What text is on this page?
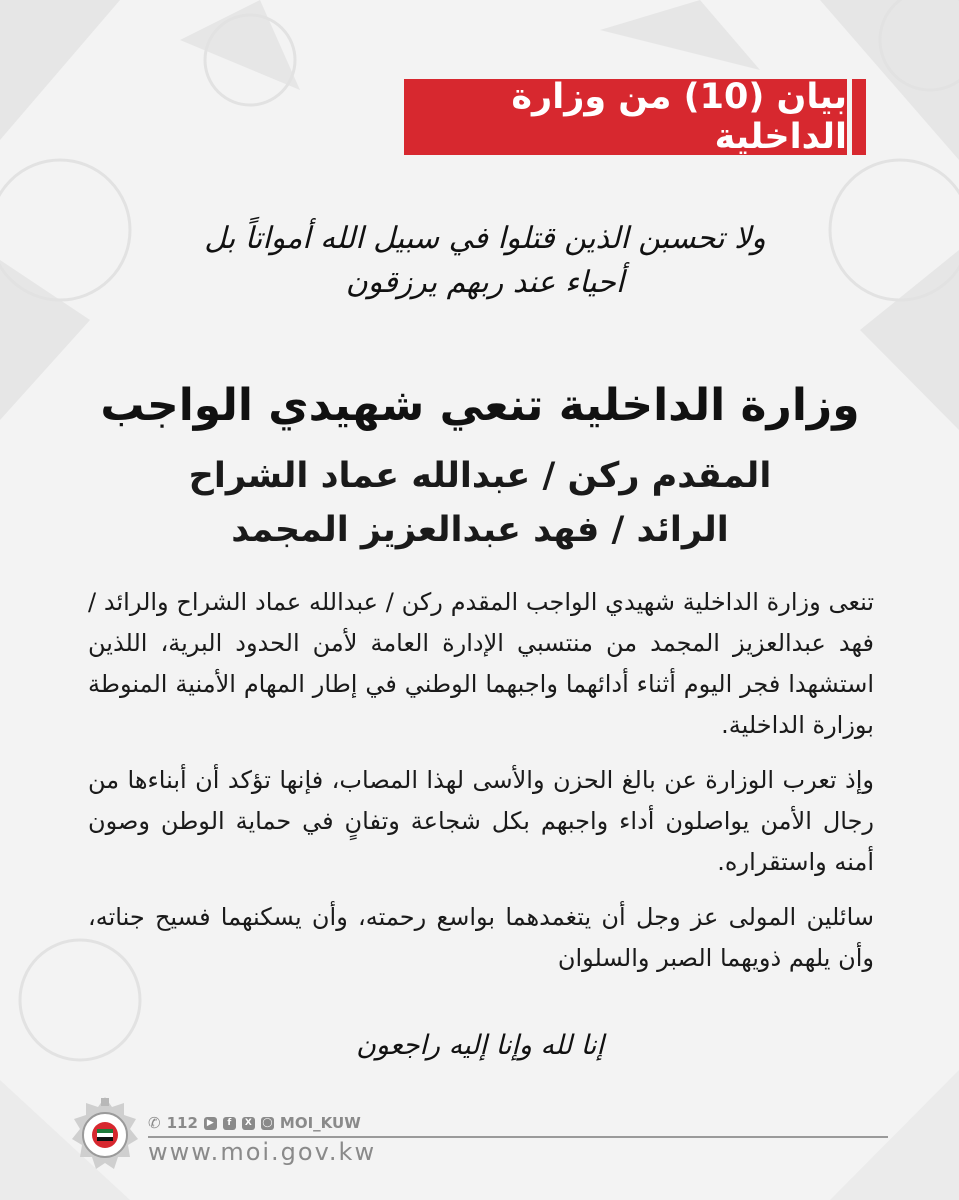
بيان (10) من وزارة الداخلية
ولا تحسبن الذين قتلوا في سبيل الله أمواتاً بل أحياء عند ربهم يرزقون
وزارة الداخلية تنعي شهيدي الواجب
المقدم ركن / عبدالله عماد الشراح
الرائد / فهد عبدالعزيز المجمد

تنعى وزارة الداخلية شهيدي الواجب المقدم ركن / عبدالله عماد الشراح والرائد / فهد عبدالعزيز المجمد من منتسبي الإدارة العامة لأمن الحدود البرية، اللذين استشهدا فجر اليوم أثناء أدائهما واجبهما الوطني في إطار المهام الأمنية المنوطة بوزارة الداخلية.

وإذ تعرب الوزارة عن بالغ الحزن والأسى لهذا المصاب، فإنها تؤكد أن أبناءها من رجال الأمن يواصلون أداء واجبهم بكل شجاعة وتفانٍ في حماية الوطن وصون أمنه واستقراره.

سائلين المولى عز وجل أن يتغمدهما بواسع رحمته، وأن يسكنهما فسيح جناته، وأن يلهم ذويهما الصبر والسلوان

إنا لله وإنا إليه راجعون
✆ 112	▶	f	X	◯ MOI_KUW
www.moi.gov.kw
